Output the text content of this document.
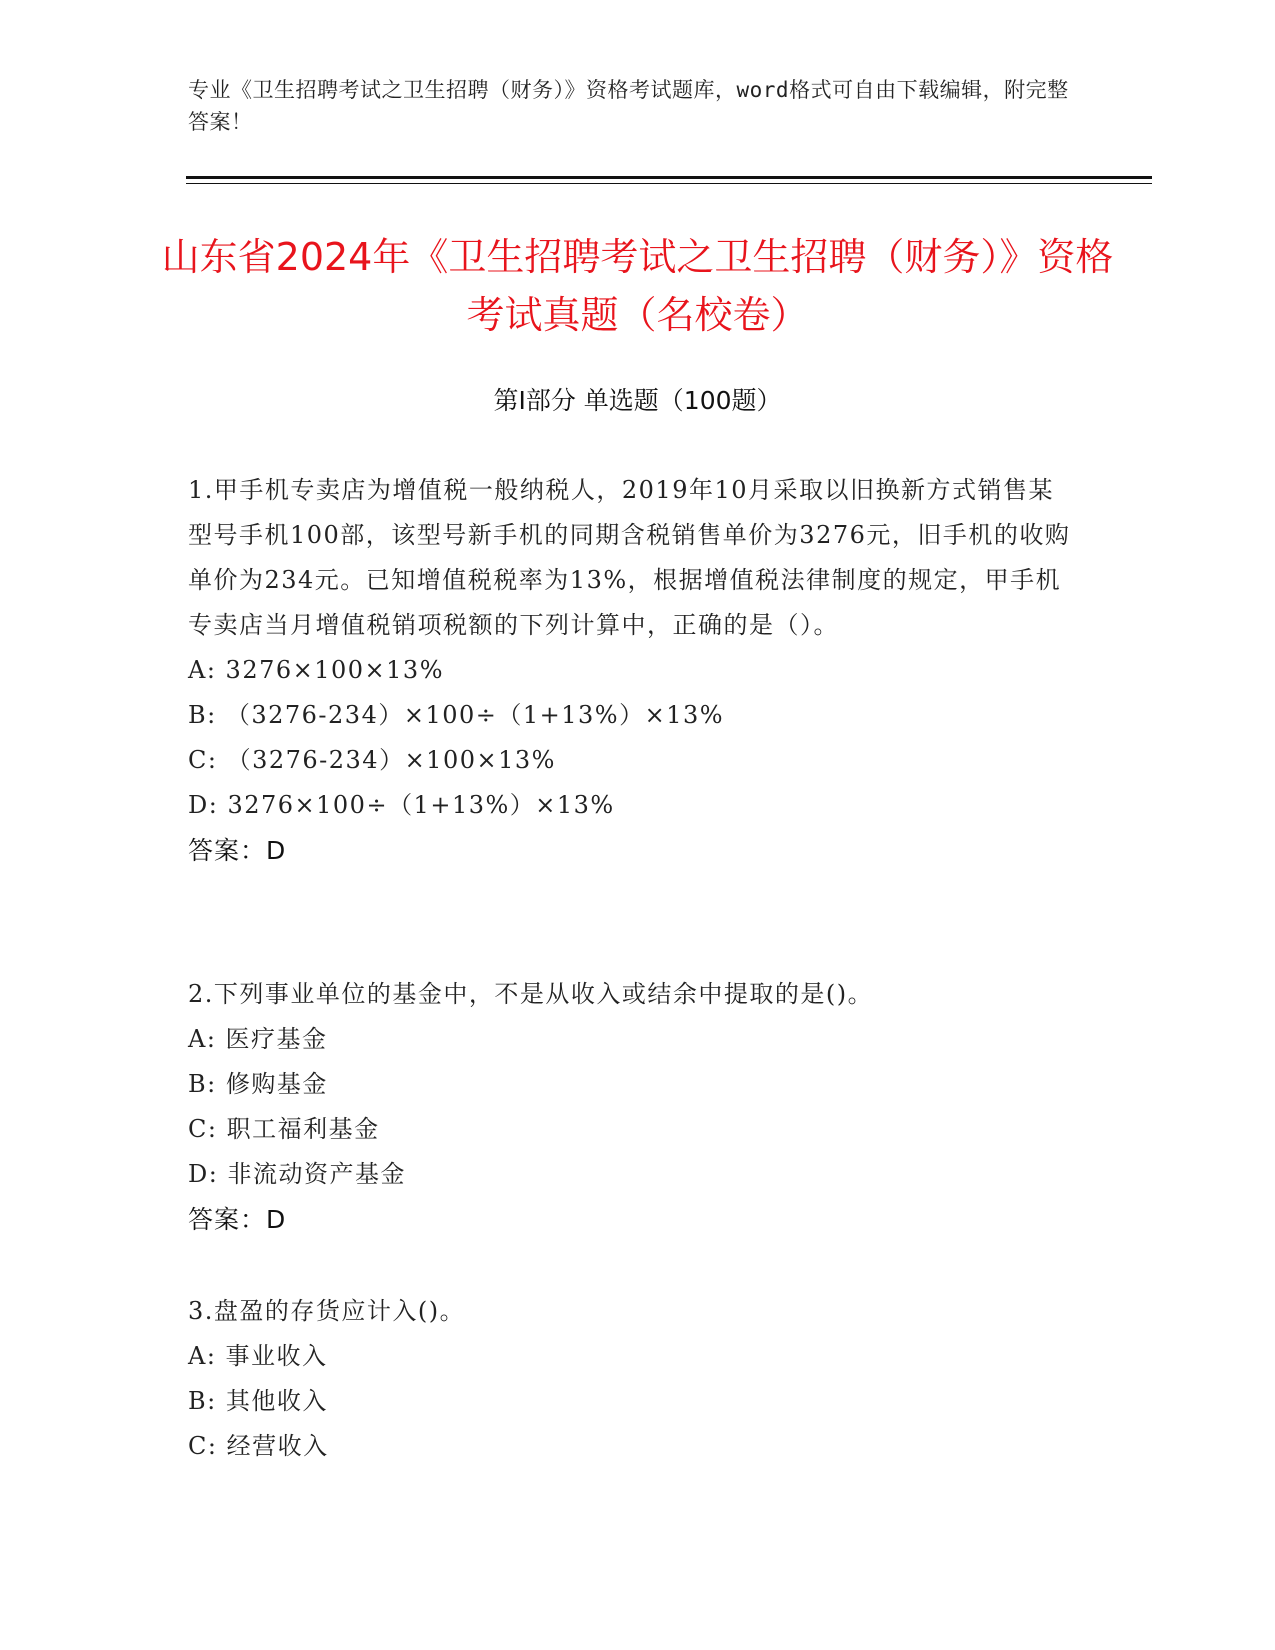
专业《卫生招聘考试之卫生招聘（财务）》资格考试题库，word格式可自由下载编辑，附完整答案！
山东省2024年《卫生招聘考试之卫生招聘（财务）》资格考试真题（名校卷）
第Ⅰ部分 单选题（100题）

1.甲手机专卖店为增值税一般纳税人，2019年10月采取以旧换新方式销售某型号手机100部，该型号新手机的同期含税销售单价为3276元，旧手机的收购单价为234元。已知增值税税率为13%，根据增值税法律制度的规定，甲手机专卖店当月增值税销项税额的下列计算中，正确的是（）。

A: 3276×100×13%
B: （3276-234）×100÷（1+13%）×13%
C: （3276-234）×100×13%
D: 3276×100÷（1+13%）×13%
答案：D

2.下列事业单位的基金中，不是从收入或结余中提取的是()。

A: 医疗基金
B: 修购基金
C: 职工福利基金
D: 非流动资产基金
答案：D

3.盘盈的存货应计入()。

A: 事业收入
B: 其他收入
C: 经营收入
